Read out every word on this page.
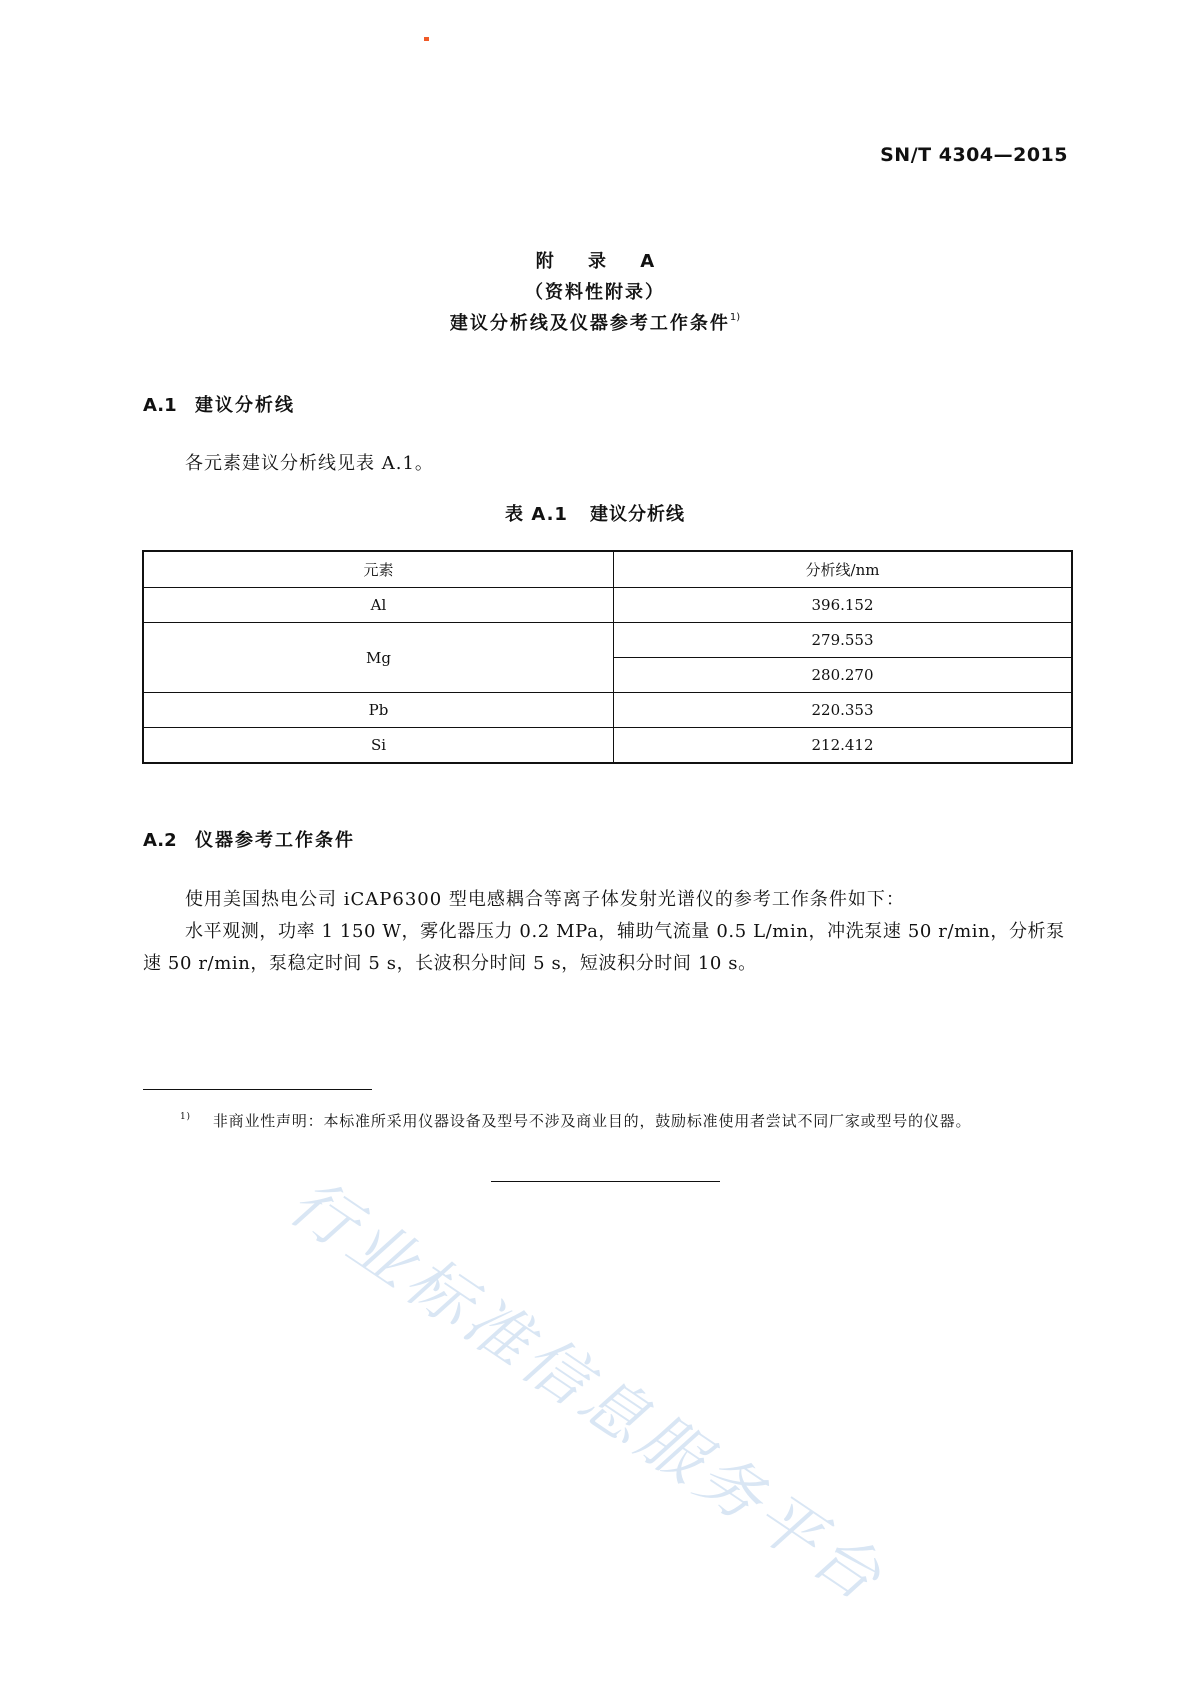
SN/T 4304—2015
附 录 A
（资料性附录）
建议分析线及仪器参考工作条件$^{1)}$
A.1 建议分析线
各元素建议分析线见表 A.1。
表 A.1 建议分析线
元素	分析线/nm
Al	396.152
Mg	279.553
	280.270
Pb	220.353
Si	212.412
A.2 仪器参考工作条件
使用美国热电公司 iCAP6300 型电感耦合等离子体发射光谱仪的参考工作条件如下：
水平观测，功率 1 150 W，雾化器压力 0.2 MPa，辅助气流量 0.5 L/min，冲洗泵速 50 r/min，分析泵速 50 r/min，泵稳定时间 5 s，长波积分时间 5 s，短波积分时间 10 s。
$^{1)}$ 非商业性声明：本标准所采用仪器设备及型号不涉及商业目的，鼓励标准使用者尝试不同厂家或型号的仪器。
行业标准信息服务平台
